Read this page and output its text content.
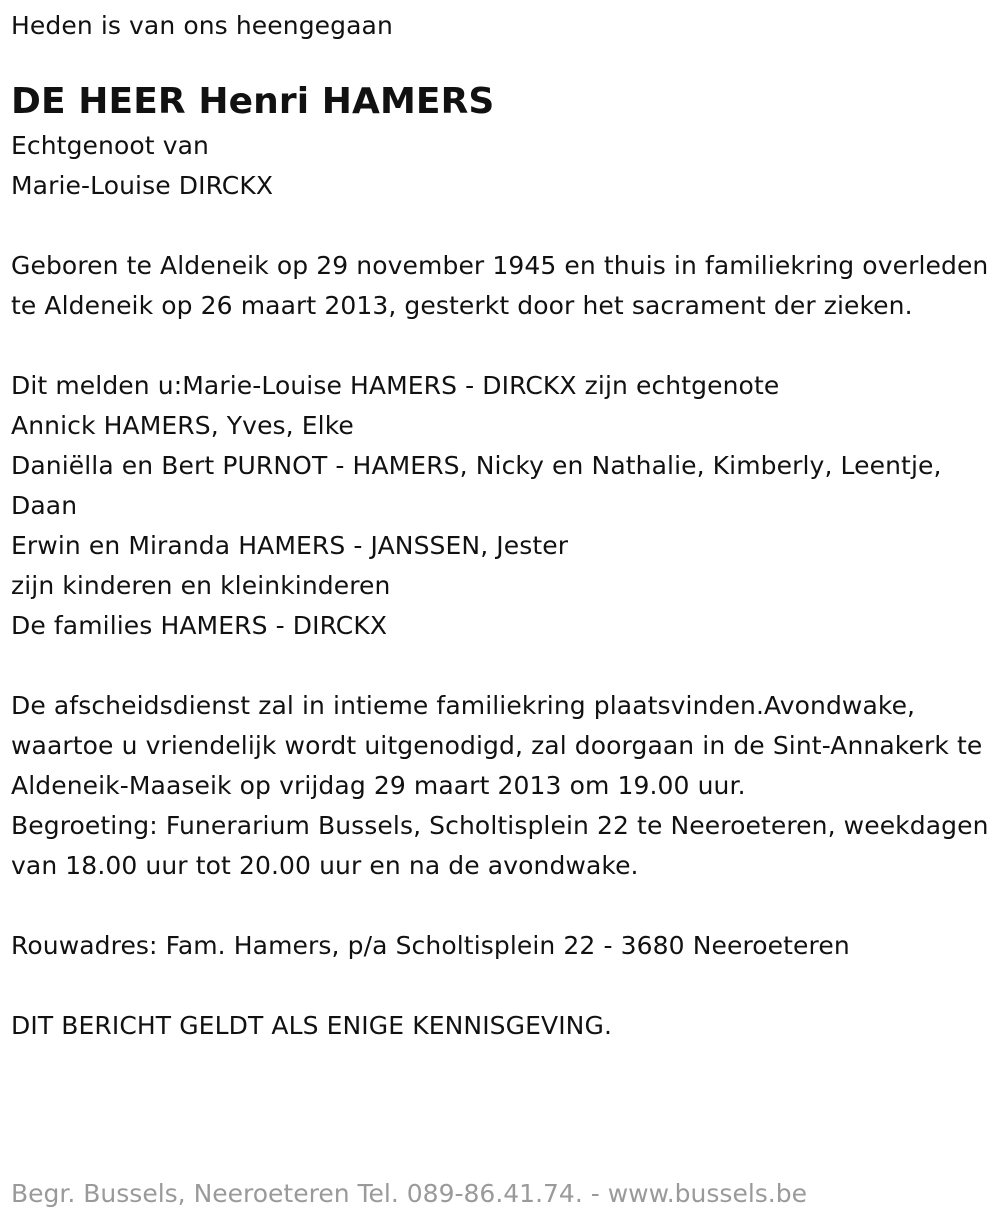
Heden is van ons heengegaan
DE HEER Henri HAMERS
Echtgenoot van
Marie-Louise DIRCKX
Geboren te Aldeneik op 29 november 1945 en thuis in familiekring overleden te Aldeneik op 26 maart 2013, gesterkt door het sacrament der zieken.
Dit melden u:Marie-Louise HAMERS - DIRCKX zijn echtgenote
Annick HAMERS, Yves, Elke
Daniëlla en Bert PURNOT - HAMERS, Nicky en Nathalie, Kimberly, Leentje, Daan
Erwin en Miranda HAMERS - JANSSEN, Jester
zijn kinderen en kleinkinderen
De families HAMERS - DIRCKX
De afscheidsdienst zal in intieme familiekring plaatsvinden.Avondwake, waartoe u vriendelijk wordt uitgenodigd, zal doorgaan in de Sint-Annakerk te Aldeneik-Maaseik op vrijdag 29 maart 2013 om 19.00 uur.
Begroeting: Funerarium Bussels, Scholtisplein 22 te Neeroeteren, weekdagen van 18.00 uur tot 20.00 uur en na de avondwake.
Rouwadres: Fam. Hamers, p/a Scholtisplein 22 - 3680 Neeroeteren
DIT BERICHT GELDT ALS ENIGE KENNISGEVING.
Begr. Bussels, Neeroeteren Tel. 089-86.41.74. - www.bussels.be
